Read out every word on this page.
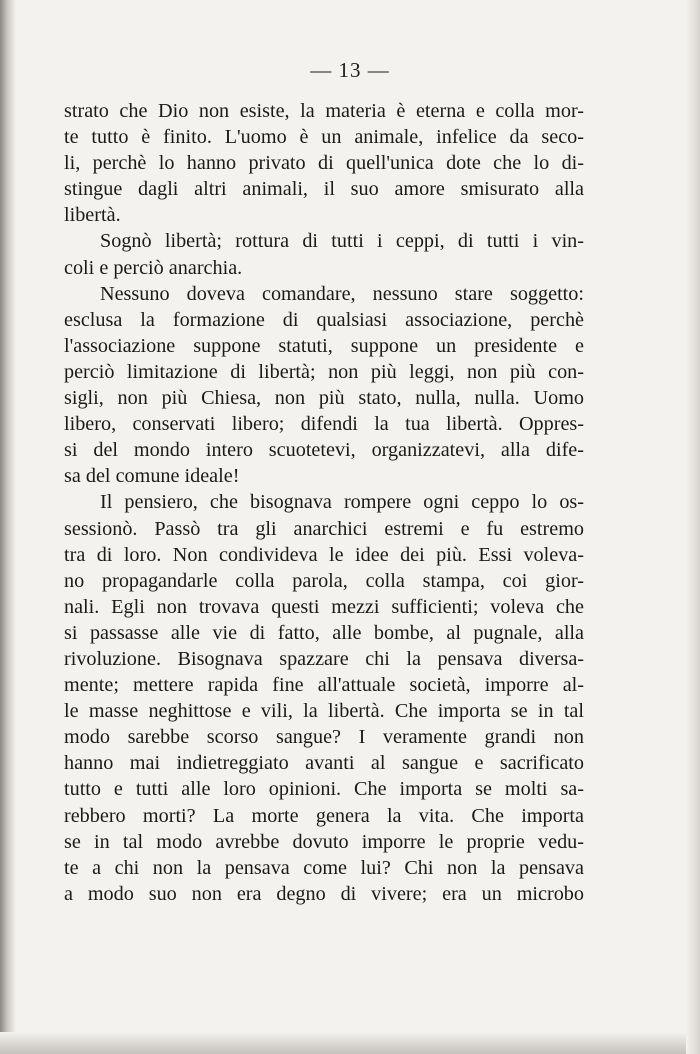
— 13 —
strato che Dio non esiste, la materia è eterna e colla mor-
te tutto è finito. L'uomo è un animale, infelice da seco-
li, perchè lo hanno privato di quell'unica dote che lo di-
stingue dagli altri animali, il suo amore smisurato alla
libertà.
Sognò libertà; rottura di tutti i ceppi, di tutti i vin-
coli e perciò anarchia.
Nessuno doveva comandare, nessuno stare soggetto:
esclusa la formazione di qualsiasi associazione, perchè
l'associazione suppone statuti, suppone un presidente e
perciò limitazione di libertà; non più leggi, non più con-
sigli, non più Chiesa, non più stato, nulla, nulla. Uomo
libero, conservati libero; difendi la tua libertà. Oppres-
si del mondo intero scuotetevi, organizzatevi, alla dife-
sa del comune ideale!
Il pensiero, che bisognava rompere ogni ceppo lo os-
sessionò. Passò tra gli anarchici estremi e fu estremo
tra di loro. Non condivideva le idee dei più. Essi voleva-
no propagandarle colla parola, colla stampa, coi gior-
nali. Egli non trovava questi mezzi sufficienti; voleva che
si passasse alle vie di fatto, alle bombe, al pugnale, alla
rivoluzione. Bisognava spazzare chi la pensava diversa-
mente; mettere rapida fine all'attuale società, imporre al-
le masse neghittose e vili, la libertà. Che importa se in tal
modo sarebbe scorso sangue? I veramente grandi non
hanno mai indietreggiato avanti al sangue e sacrificato
tutto e tutti alle loro opinioni. Che importa se molti sa-
rebbero morti? La morte genera la vita. Che importa
se in tal modo avrebbe dovuto imporre le proprie vedu-
te a chi non la pensava come lui? Chi non la pensava
a modo suo non era degno di vivere; era un microbo
